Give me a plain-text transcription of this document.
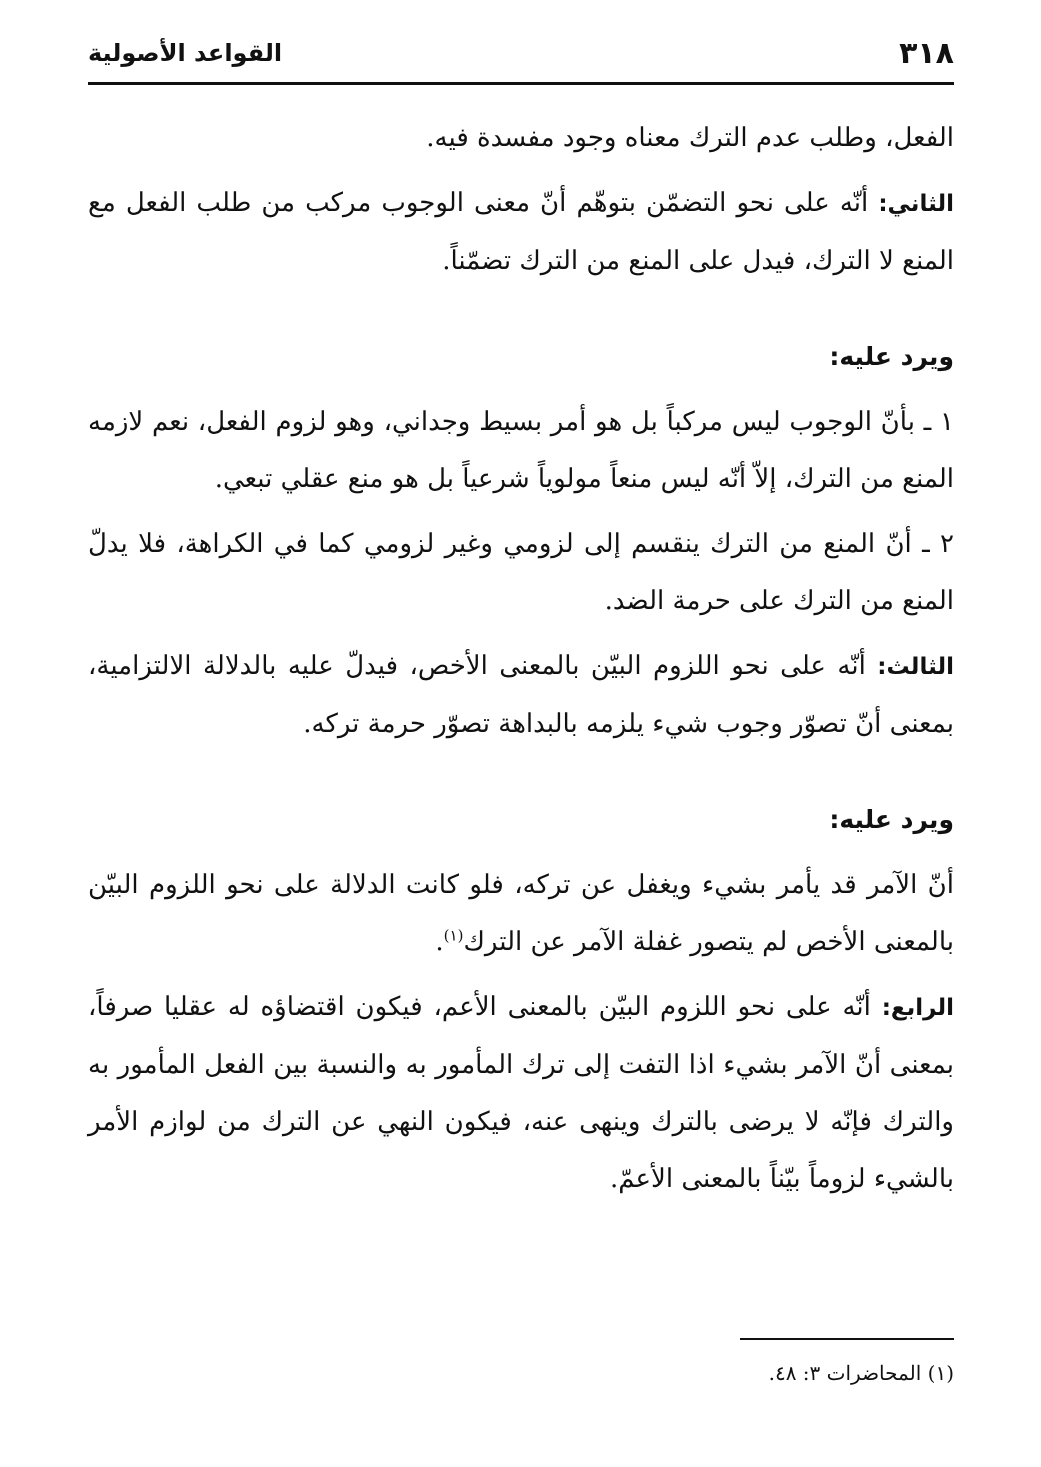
٣١٨
القواعد الأصولية

الفعل، وطلب عدم الترك معناه وجود مفسدة فيه.

الثاني: أنّه على نحو التضمّن بتوهّم أنّ معنى الوجوب مركب من طلب الفعل مع المنع لا الترك، فيدل على المنع من الترك تضمّناً.

ويرد عليه:

١ ـ بأنّ الوجوب ليس مركباً بل هو أمر بسيط وجداني، وهو لزوم الفعل، نعم لازمه المنع من الترك، إلاّ أنّه ليس منعاً مولوياً شرعياً بل هو منع عقلي تبعي.

٢ ـ أنّ المنع من الترك ينقسم إلى لزومي وغير لزومي كما في الكراهة، فلا يدلّ المنع من الترك على حرمة الضد.

الثالث: أنّه على نحو اللزوم البيّن بالمعنى الأخص، فيدلّ عليه بالدلالة الالتزامية، بمعنى أنّ تصوّر وجوب شيء يلزمه بالبداهة تصوّر حرمة تركه.

ويرد عليه:

أنّ الآمر قد يأمر بشيء ويغفل عن تركه، فلو كانت الدلالة على نحو اللزوم البيّن بالمعنى الأخص لم يتصور غفلة الآمر عن الترك$^{(١)}$.

الرابع: أنّه على نحو اللزوم البيّن بالمعنى الأعم، فيكون اقتضاؤه له عقليا صرفاً، بمعنى أنّ الآمر بشيء اذا التفت إلى ترك المأمور به والنسبة بين الفعل المأمور به والترك فإنّه لا يرضى بالترك وينهى عنه، فيكون النهي عن الترك من لوازم الأمر بالشيء لزوماً بيّناً بالمعنى الأعمّ.

(١) المحاضرات ٣: ٤٨.
